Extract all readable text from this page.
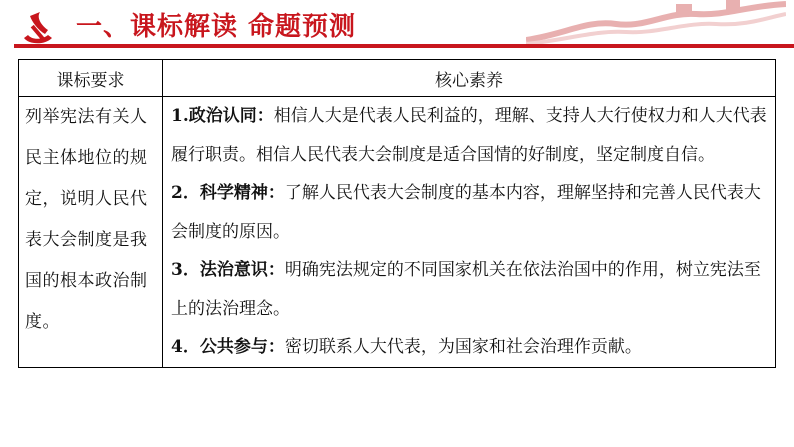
一、课标解读 命题预测
课标要求	核心素养
列举宪法有关人民主体地位的规定，说明人民代表大会制度是我国的根本政治制度。	1.政治认同：相信人大是代表人民利益的，理解、支持人大行使权力和人大代表履行职责。相信人民代表大会制度是适合国情的好制度，坚定制度自信。

2．科学精神：了解人民代表大会制度的基本内容，理解坚持和完善人民代表大会制度的原因。

3．法治意识：明确宪法规定的不同国家机关在依法治国中的作用，树立宪法至上的法治理念。

4．公共参与：密切联系人大代表，为国家和社会治理作贡献。
